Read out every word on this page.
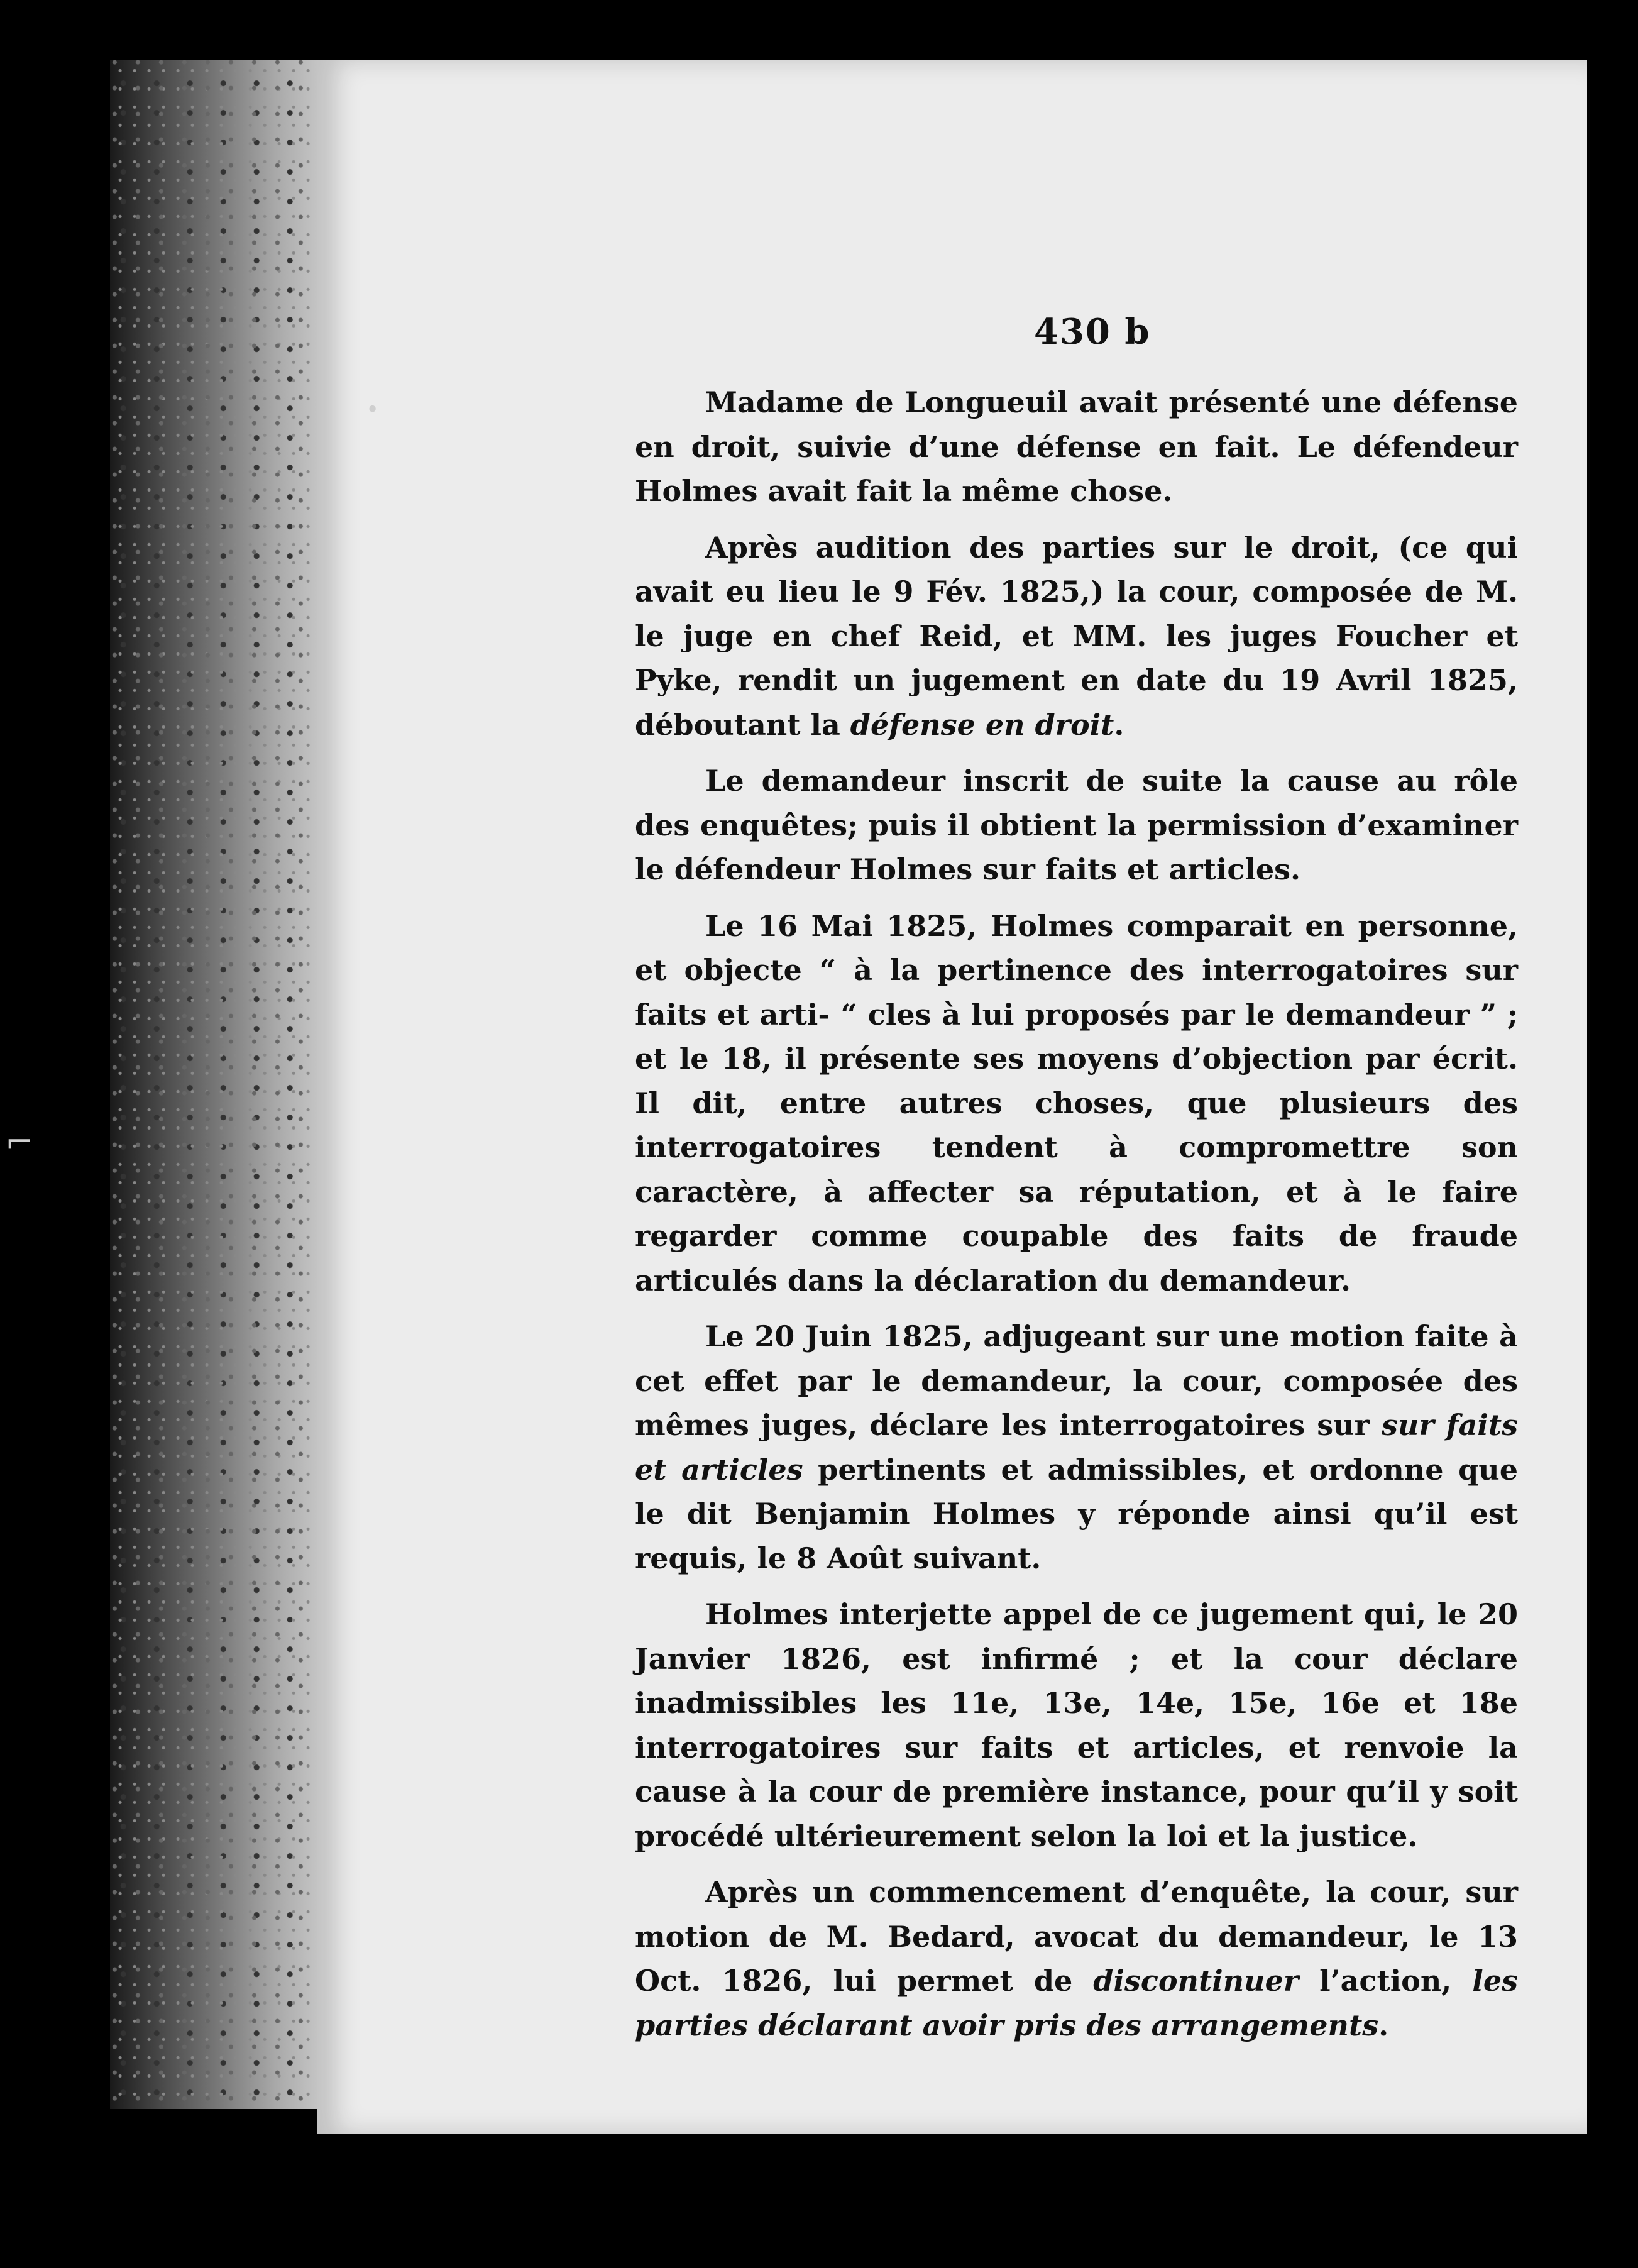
•
⌐
430 b

Madame de Longueuil avait présenté une défense en droit, suivie d’une défense en fait. Le défendeur Holmes avait fait la même chose.

Après audition des parties sur le droit, (ce qui avait eu lieu le 9 Fév. 1825,) la cour, composée de M. le juge en chef Reid, et MM. les juges Foucher et Pyke, rendit un jugement en date du 19 Avril 1825, déboutant la défense en droit.

Le demandeur inscrit de suite la cause au rôle des enquêtes; puis il obtient la permission d’examiner le défendeur Holmes sur faits et articles.

Le 16 Mai 1825, Holmes comparait en personne, et objecte “ à la pertinence des interrogatoires sur faits et arti- “ cles à lui proposés par le demandeur ” ; et le 18, il présente ses moyens d’objection par écrit. Il dit, entre autres choses, que plusieurs des interrogatoires tendent à compromettre son caractère, à affecter sa réputation, et à le faire regarder comme coupable des faits de fraude articulés dans la déclaration du demandeur.

Le 20 Juin 1825, adjugeant sur une motion faite à cet effet par le demandeur, la cour, composée des mêmes juges, déclare les interrogatoires sur sur faits et articles pertinents et admissibles, et ordonne que le dit Benjamin Holmes y réponde ainsi qu’il est requis, le 8 Août suivant.

Holmes interjette appel de ce jugement qui, le 20 Janvier 1826, est infirmé ; et la cour déclare inadmissibles les 11e, 13e, 14e, 15e, 16e et 18e interrogatoires sur faits et articles, et renvoie la cause à la cour de première instance, pour qu’il y soit procédé ultérieurement selon la loi et la justice.

Après un commencement d’enquête, la cour, sur motion de M. Bedard, avocat du demandeur, le 13 Oct. 1826, lui permet de discontinuer l’action, les parties déclarant avoir pris des arrangements.
